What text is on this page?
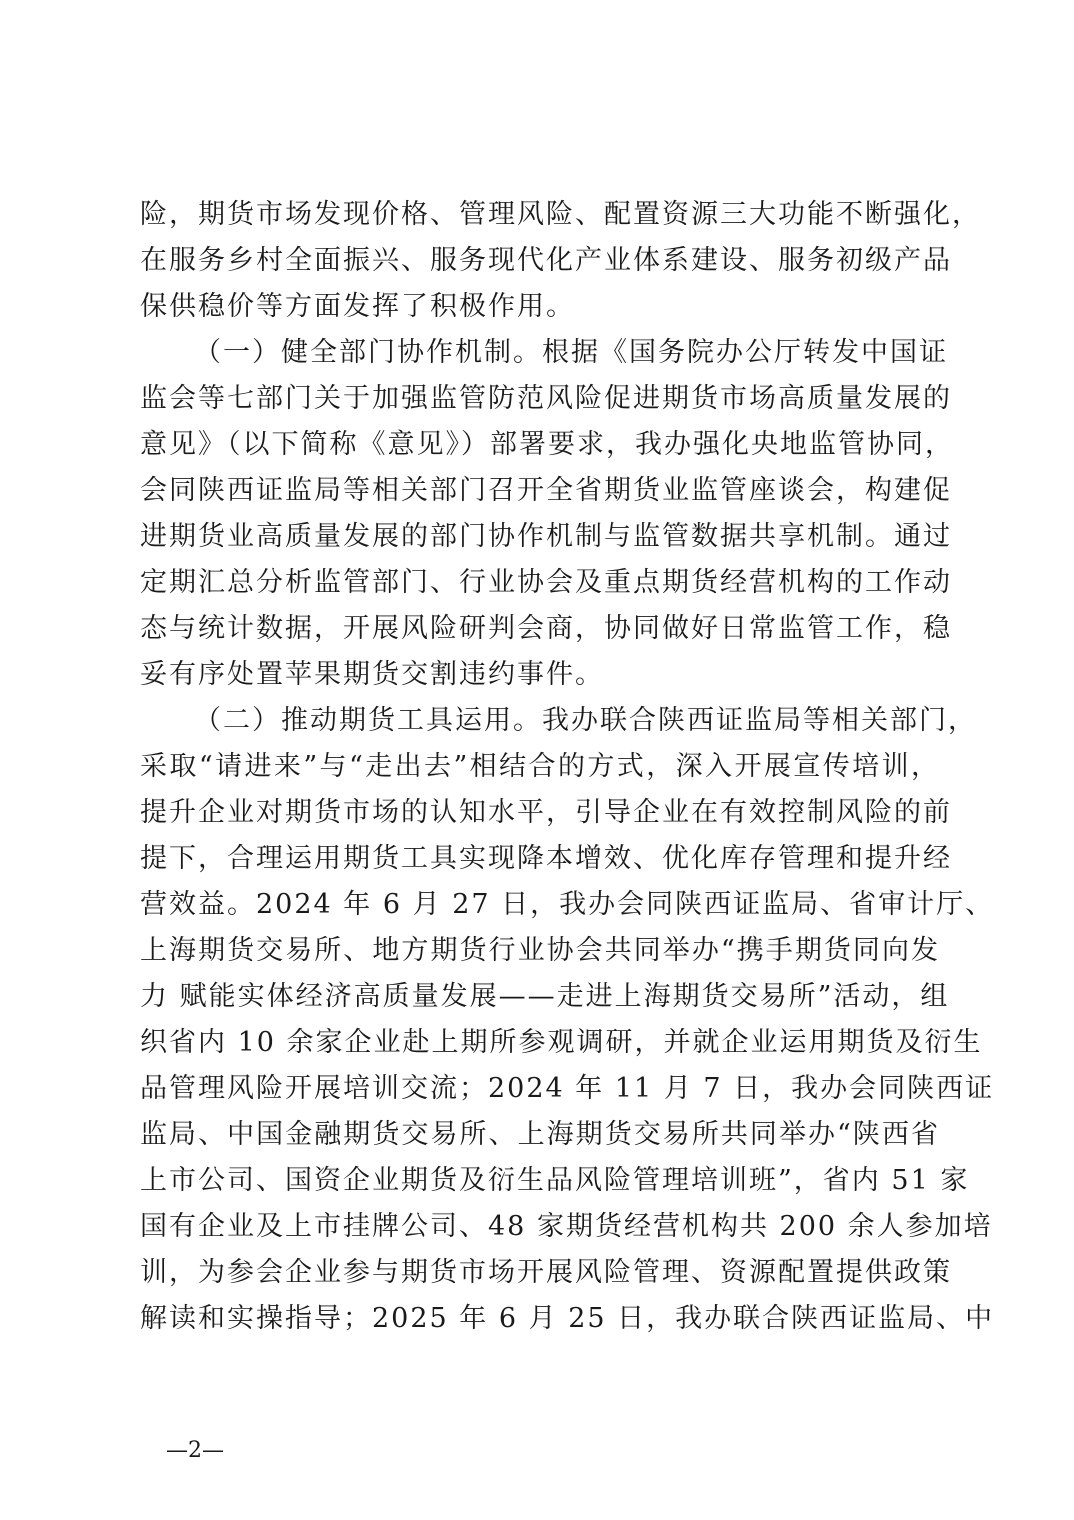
险，期货市场发现价格、管理风险、配置资源三大功能不断强化，
在服务乡村全面振兴、服务现代化产业体系建设、服务初级产品
保供稳价等方面发挥了积极作用。
（一）健全部门协作机制。根据《国务院办公厅转发中国证
监会等七部门关于加强监管防范风险促进期货市场高质量发展的
意见》（以下简称《意见》）部署要求，我办强化央地监管协同，
会同陕西证监局等相关部门召开全省期货业监管座谈会，构建促
进期货业高质量发展的部门协作机制与监管数据共享机制。通过
定期汇总分析监管部门、行业协会及重点期货经营机构的工作动
态与统计数据，开展风险研判会商，协同做好日常监管工作，稳
妥有序处置苹果期货交割违约事件。
（二）推动期货工具运用。我办联合陕西证监局等相关部门，
采取“请进来”与“走出去”相结合的方式，深入开展宣传培训，
提升企业对期货市场的认知水平，引导企业在有效控制风险的前
提下，合理运用期货工具实现降本增效、优化库存管理和提升经
营效益。2024 年 6 月 27 日，我办会同陕西证监局、省审计厅、
上海期货交易所、地方期货行业协会共同举办“携手期货同向发
力 赋能实体经济高质量发展——走进上海期货交易所”活动，组
织省内 10 余家企业赴上期所参观调研，并就企业运用期货及衍生
品管理风险开展培训交流；2024 年 11 月 7 日，我办会同陕西证
监局、中国金融期货交易所、上海期货交易所共同举办“陕西省
上市公司、国资企业期货及衍生品风险管理培训班”，省内 51 家
国有企业及上市挂牌公司、48 家期货经营机构共 200 余人参加培
训，为参会企业参与期货市场开展风险管理、资源配置提供政策
解读和实操指导；2025 年 6 月 25 日，我办联合陕西证监局、中
—2—
